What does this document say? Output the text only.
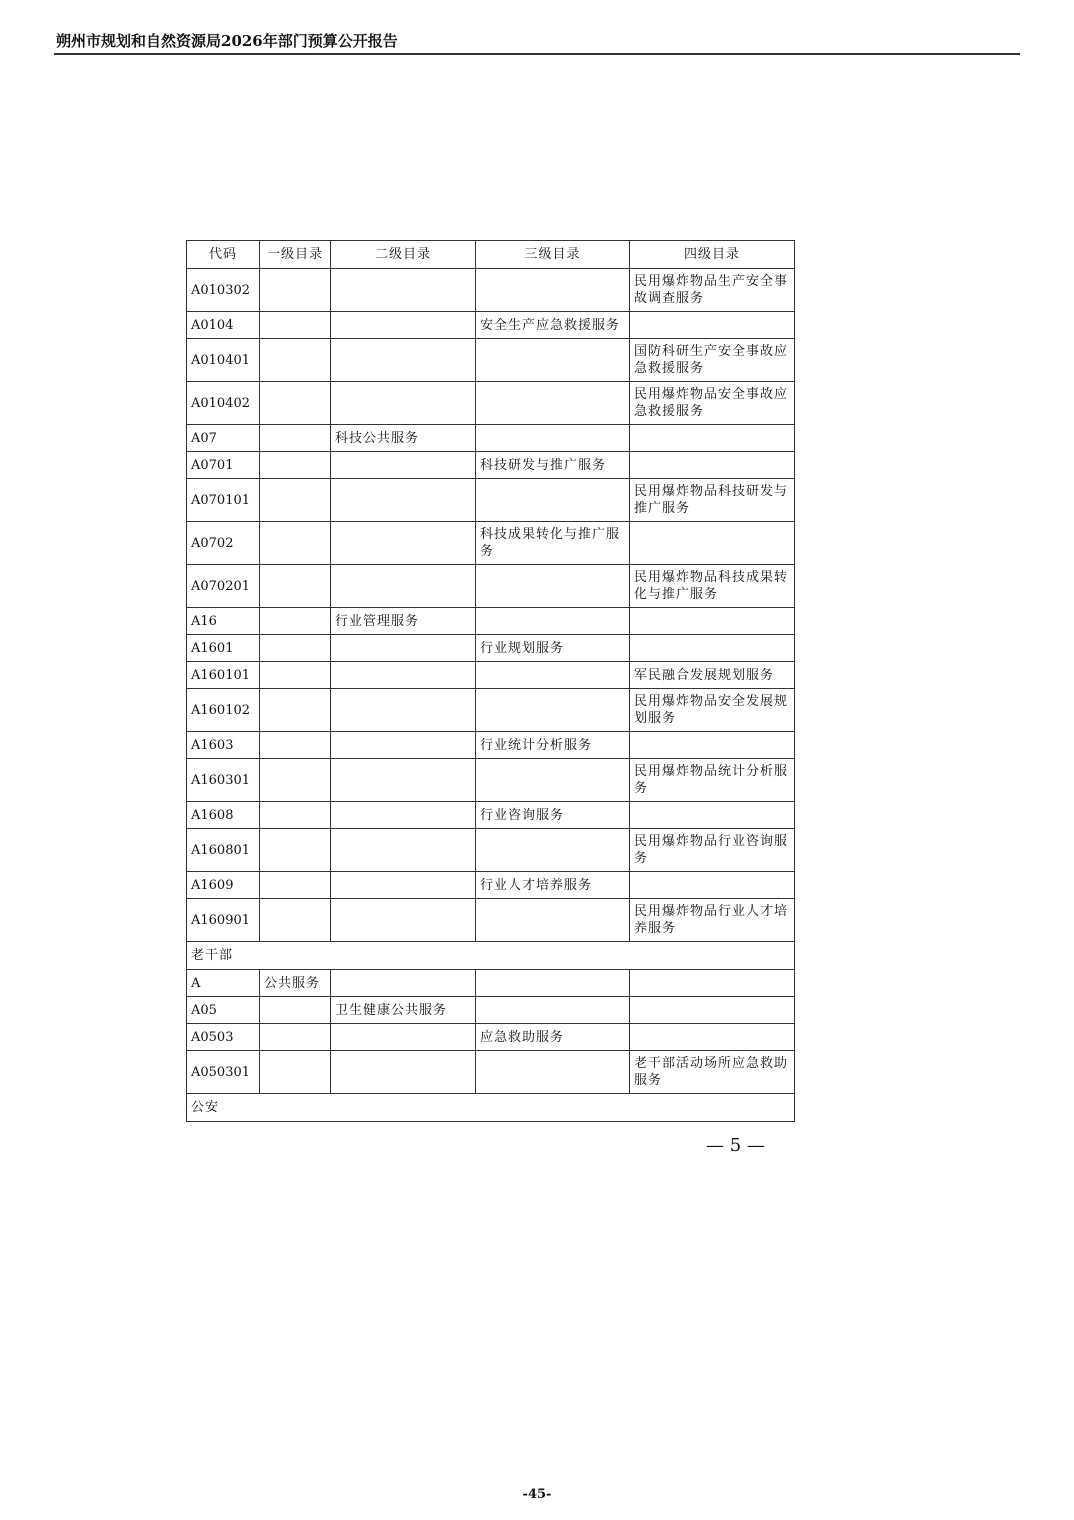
朔州市规划和自然资源局2026年部门预算公开报告
代码	一级目录	二级目录	三级目录	四级目录
A010302				民用爆炸物品生产安全事故调查服务
A0104			安全生产应急救援服务	
A010401				国防科研生产安全事故应急救援服务
A010402				民用爆炸物品安全事故应急救援服务
A07		科技公共服务		
A0701			科技研发与推广服务	
A070101				民用爆炸物品科技研发与推广服务
A0702			科技成果转化与推广服务	
A070201				民用爆炸物品科技成果转化与推广服务
A16		行业管理服务		
A1601			行业规划服务	
A160101				军民融合发展规划服务
A160102				民用爆炸物品安全发展规划服务
A1603			行业统计分析服务	
A160301				民用爆炸物品统计分析服务
A1608			行业咨询服务	
A160801				民用爆炸物品行业咨询服务
A1609			行业人才培养服务	
A160901				民用爆炸物品行业人才培养服务
老干部				
A	公共服务			
A05		卫生健康公共服务		
A0503			应急救助服务	
A050301				老干部活动场所应急救助服务
公安				
— 5 —
-45-
